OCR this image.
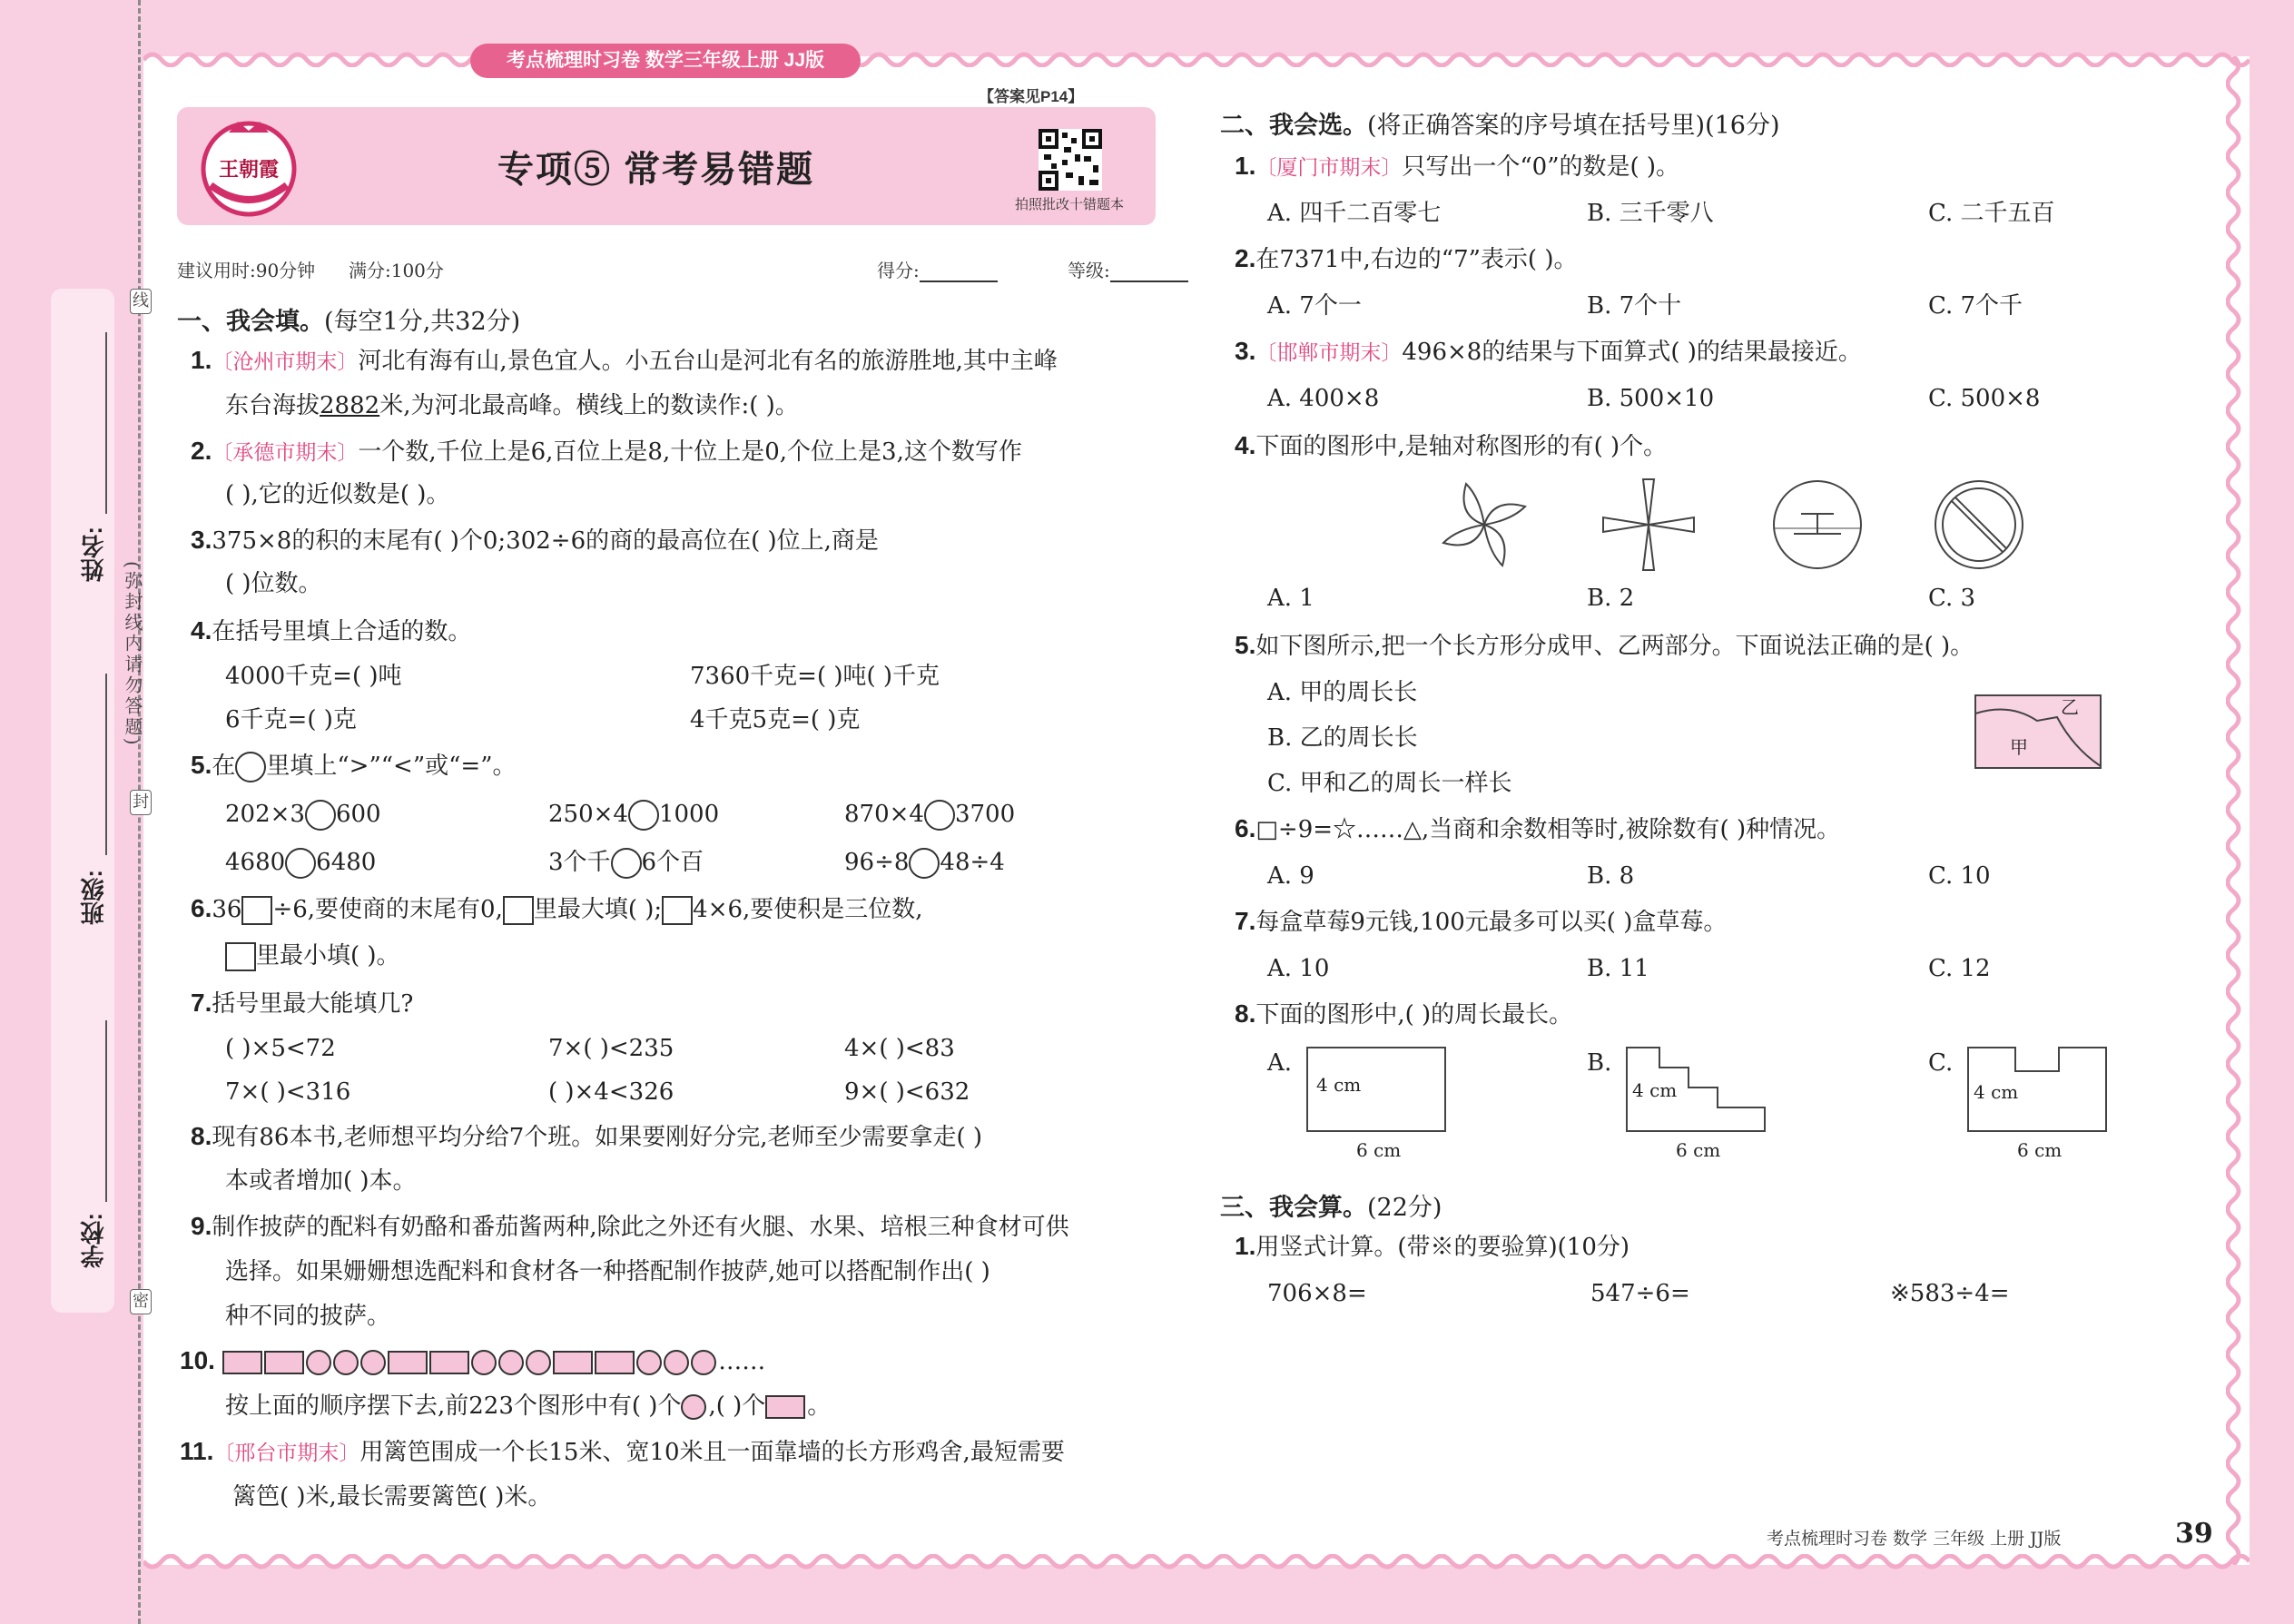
姓名:
班级:
学校:
(弥封线内请勿答题)
线
封
密
考点梳理时习卷 数学三年级上册 JJ版
王朝霞	专项⑤ 常考易错题
【答案见P14】
拍照批改十错题本
建议用时:90分钟 满分:100分	得分:	等级:
一、我会填。(每空1分,共32分)
1.〔沧州市期末〕河北有海有山,景色宜人。小五台山是河北有名的旅游胜地,其中主峰
东台海拔2882米,为河北最高峰。横线上的数读作:( )。
2.〔承德市期末〕一个数,千位上是6,百位上是8,十位上是0,个位上是3,这个数写作
( ),它的近似数是( )。
3.375×8的积的末尾有( )个0;302÷6的商的最高位在( )位上,商是
( )位数。
4.在括号里填上合适的数。
4000千克=( )吨	7360千克=( )吨( )千克
6千克=( )克	4千克5克=( )克
5.在 里填上“>”“<”或“=”。
202×3 600	250×4 1000	870×4 3700
4680 6480	3个千 6个百	96÷8 48÷4
6.36 ÷6,要使商的末尾有0, 里最大填( ); 4×6,要使积是三位数,
里最小填( )。
7.括号里最大能填几?
( )×5<72	7×( )<235	4×( )<83
7×( )<316	( )×4<326	9×( )<632
8.现有86本书,老师想平均分给7个班。如果要刚好分完,老师至少需要拿走( )
本或者增加( )本。
9.制作披萨的配料有奶酪和番茄酱两种,除此之外还有火腿、水果、培根三种食材可供
选择。如果姗姗想选配料和食材各一种搭配制作披萨,她可以搭配制作出( )
种不同的披萨。
10.	……
按上面的顺序摆下去,前223个图形中有( )个 ,( )个 。
11.〔邢台市期末〕用篱笆围成一个长15米、宽10米且一面靠墙的长方形鸡舍,最短需要
篱笆( )米,最长需要篱笆( )米。
二、我会选。(将正确答案的序号填在括号里)(16分)
1.〔厦门市期末〕只写出一个“0”的数是( )。
A. 四千二百零七	B. 三千零八	C. 二千五百
2.在7371中,右边的“7”表示( )。
A. 7个一	B. 7个十	C. 7个千
3.〔邯郸市期末〕496×8的结果与下面算式( )的结果最接近。
A. 400×8	B. 500×10	C. 500×8
4.下面的图形中,是轴对称图形的有( )个。
A. 1	B. 2	C. 3
5.如下图所示,把一个长方形分成甲、乙两部分。下面说法正确的是( )。
A. 甲的周长长
B. 乙的周长长
C. 甲和乙的周长一样长
甲
乙
6.□÷9=☆……△,当商和余数相等时,被除数有( )种情况。
A. 9	B. 8	C. 10
7.每盒草莓9元钱,100元最多可以买( )盒草莓。
A. 10	B. 11	C. 12
8.下面的图形中,( )的周长最长。
A.
4 cm
6 cm
B.
4 cm
6 cm
C.
4 cm
6 cm
三、我会算。(22分)
1.用竖式计算。(带※的要验算)(10分)
706×8=	547÷6=	※583÷4=
考点梳理时习卷 数学 三年级 上册 JJ版	39
